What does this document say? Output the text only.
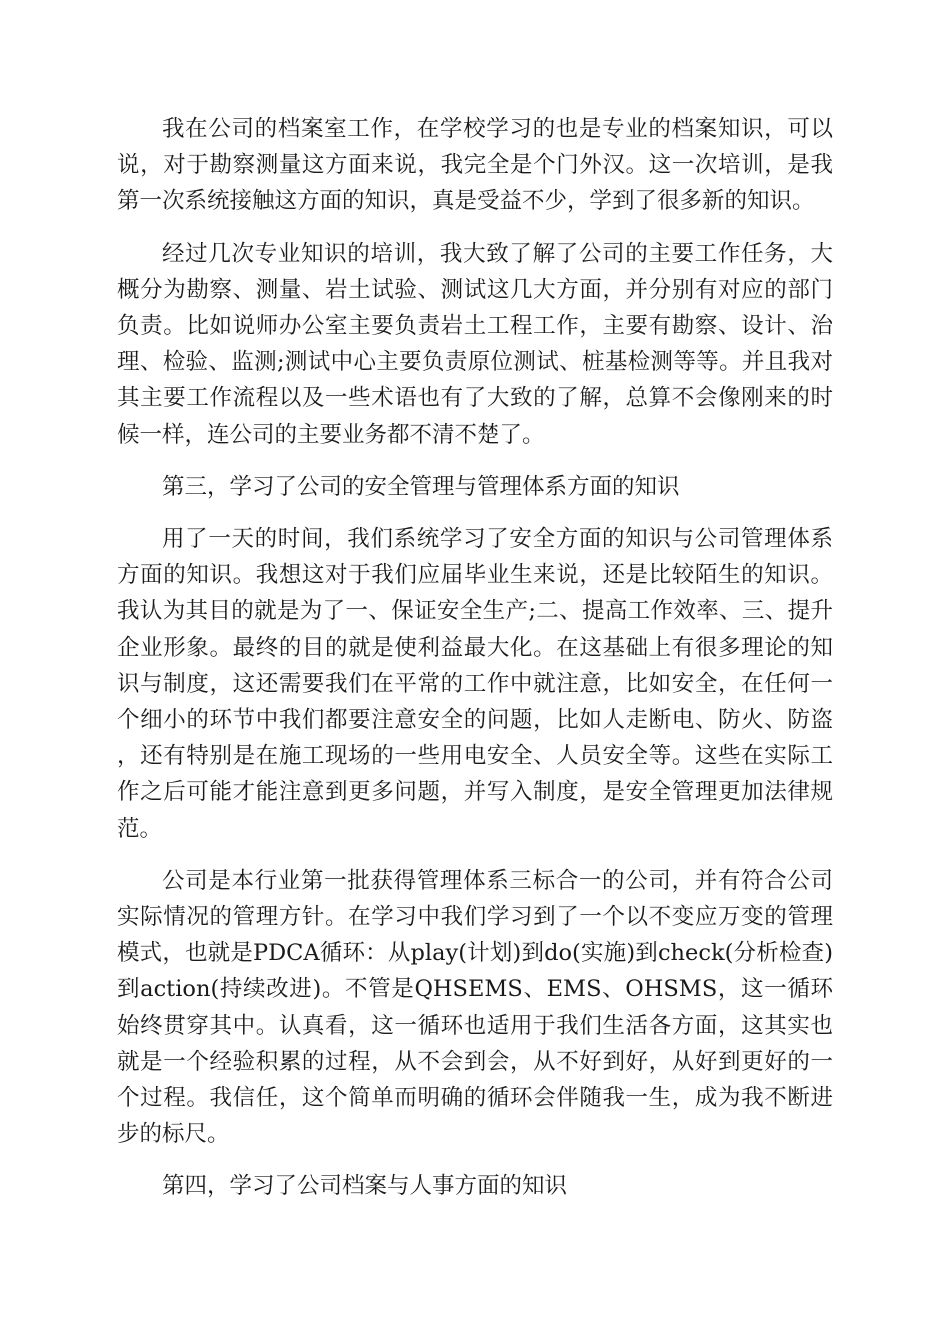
我在公司的档案室工作，在学校学习的也是专业的档案知识，可以说，对于勘察测量这方面来说，我完全是个门外汉。这一次培训，是我第一次系统接触这方面的知识，真是受益不少，学到了很多新的知识。

经过几次专业知识的培训，我大致了解了公司的主要工作任务，大概分为勘察、测量、岩土试验、测试这几大方面，并分别有对应的部门负责。比如说师办公室主要负责岩土工程工作，主要有勘察、设计、治理、检验、监测;测试中心主要负责原位测试、桩基检测等等。并且我对其主要工作流程以及一些术语也有了大致的了解，总算不会像刚来的时候一样，连公司的主要业务都不清不楚了。

第三，学习了公司的安全管理与管理体系方面的知识

用了一天的时间，我们系统学习了安全方面的知识与公司管理体系方面的知识。我想这对于我们应届毕业生来说，还是比较陌生的知识。我认为其目的就是为了一、保证安全生产;二、提高工作效率、三、提升企业形象。最终的目的就是使利益最大化。在这基础上有很多理论的知识与制度，这还需要我们在平常的工作中就注意，比如安全，在任何一个细小的环节中我们都要注意安全的问题，比如人走断电、防火、防盗，还有特别是在施工现场的一些用电安全、人员安全等。这些在实际工作之后可能才能注意到更多问题，并写入制度，是安全管理更加法律规范。

公司是本行业第一批获得管理体系三标合一的公司，并有符合公司实际情况的管理方针。在学习中我们学习到了一个以不变应万变的管理模式，也就是PDCA循环：从play(计划)到do(实施)到check(分析检查)到action(持续改进)。不管是QHSEMS、EMS、OHSMS，这一循环始终贯穿其中。认真看，这一循环也适用于我们生活各方面，这其实也就是一个经验积累的过程，从不会到会，从不好到好，从好到更好的一个过程。我信任，这个简单而明确的循环会伴随我一生，成为我不断进步的标尺。

第四，学习了公司档案与人事方面的知识
